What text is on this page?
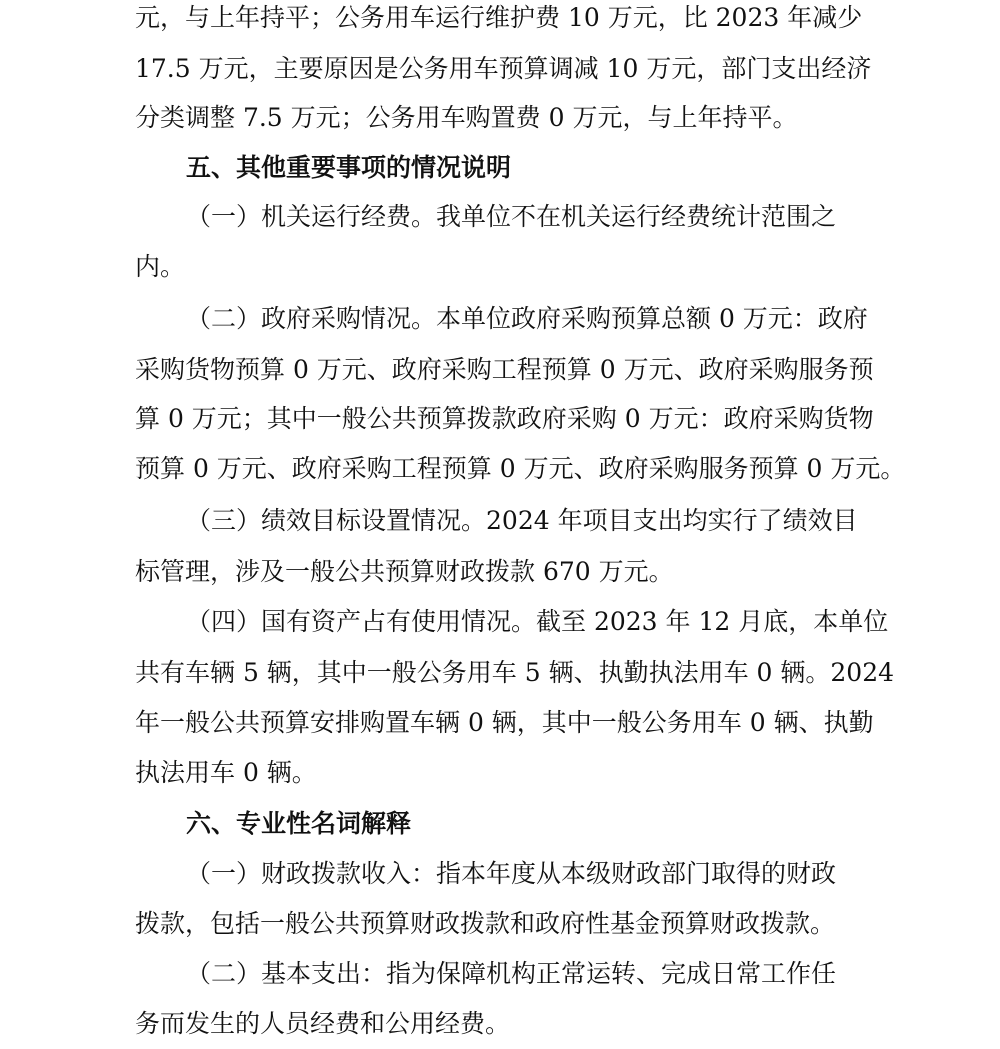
元，与上年持平；公务用车运行维护费 10 万元，比 2023 年减少
17.5 万元，主要原因是公务用车预算调减 10 万元，部门支出经济
分类调整 7.5 万元；公务用车购置费 0 万元，与上年持平。
五、其他重要事项的情况说明
（一）机关运行经费。我单位不在机关运行经费统计范围之
内。
（二）政府采购情况。本单位政府采购预算总额 0 万元：政府
采购货物预算 0 万元、政府采购工程预算 0 万元、政府采购服务预
算 0 万元；其中一般公共预算拨款政府采购 0 万元：政府采购货物
预算 0 万元、政府采购工程预算 0 万元、政府采购服务预算 0 万元。
（三）绩效目标设置情况。2024 年项目支出均实行了绩效目
标管理，涉及一般公共预算财政拨款 670 万元。
（四）国有资产占有使用情况。截至 2023 年 12 月底，本单位
共有车辆 5 辆，其中一般公务用车 5 辆、执勤执法用车 0 辆。2024
年一般公共预算安排购置车辆 0 辆，其中一般公务用车 0 辆、执勤
执法用车 0 辆。
六、专业性名词解释
（一）财政拨款收入：指本年度从本级财政部门取得的财政
拨款，包括一般公共预算财政拨款和政府性基金预算财政拨款。
（二）基本支出：指为保障机构正常运转、完成日常工作任
务而发生的人员经费和公用经费。
